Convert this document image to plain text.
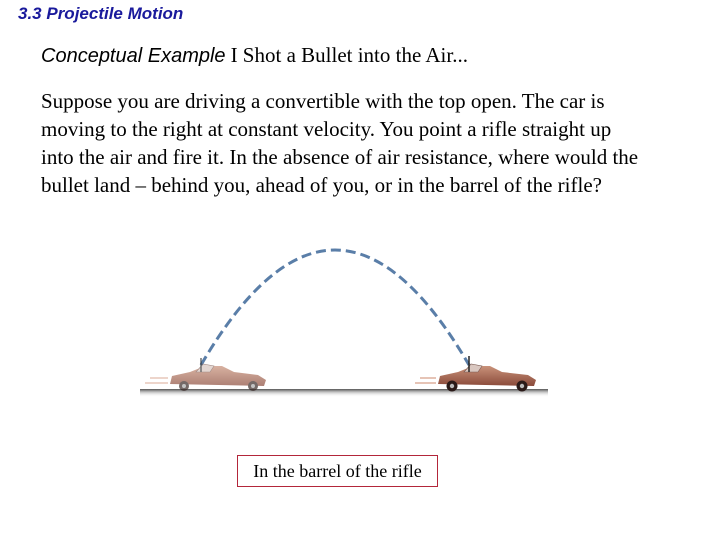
3.3 Projectile Motion
Conceptual Example I Shot a Bullet into the Air...

Suppose you are driving a convertible with the top open. The car is moving to the right at constant velocity. You point a rifle straight up into the air and fire it. In the absence of air resistance, where would the bullet land – behind you, ahead of you, or in the barrel of the rifle?

In the barrel of the rifle
